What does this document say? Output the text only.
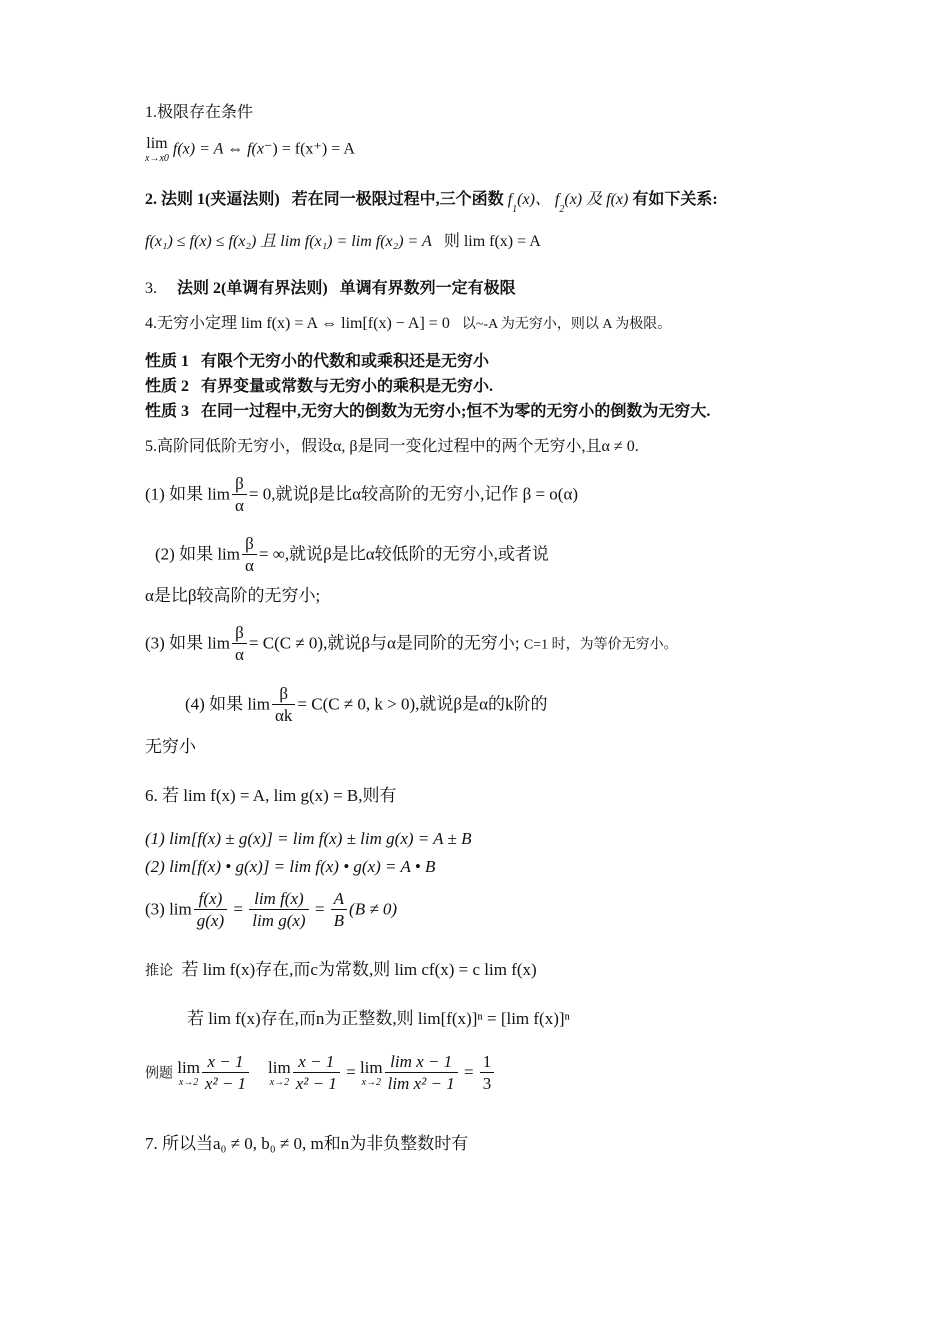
1.极限存在条件
lim
x→x0
f(x) = A ⇔ f(x⁻) = f(x⁺) = A
2. 法则 1(夹逼法则) 若在同一极限过程中,三个函数 $f_1(x)$、 $f_2(x)$ 及 f(x) 有如下关系:
f(x₁) ≤ f(x) ≤ f(x₂) 且 lim f(x₁) = lim f(x₂) = A 则 lim f(x) = A
3. 法则 2(单调有界法则) 单调有界数列一定有极限
4.无穷小定理 lim f(x) = A ⇔ lim[f(x) − A] = 0 以~-A 为无穷小，则以 A 为极限。
性质 1 有限个无穷小的代数和或乘积还是无穷小
性质 2 有界变量或常数与无穷小的乘积是无穷小.
性质 3 在同一过程中,无穷大的倒数为无穷小;恒不为零的无穷小的倒数为无穷大.
5.高阶同低阶无穷小，假设α, β是同一变化过程中的两个无穷小,且α ≠ 0.
(1) 如果 $\lim \frac{\beta}{\alpha} = 0$,就说β是比α较高阶的无穷小,记作 β = o(α)
(2) 如果 $\lim \frac{\beta}{\alpha}$ = ∞,就说β是比α较低阶的无穷小,或者说
α是比β较高阶的无穷小;
(3) 如果 $\lim \frac{\beta}{\alpha} = C(C \ne 0)$,就说β与α是同阶的无穷小; C=1 时，为等价无穷小。
(4) 如果 $\lim \frac{\beta}{\alpha k} = C(C \ne 0$, k > 0),就说β是α的k阶的
无穷小
6. 若 lim f(x) = A, lim g(x) = B,则有
(1) lim[f(x) ± g(x)] = lim f(x) ± lim g(x) = A ± B
(2) lim[f(x) • g(x)] = lim f(x) • g(x) = A • B
(3) $\lim \frac{f(x)}{g(x)} = \frac{\text{lim f(x)}}{\text{lim g(x)}} = \frac{A}{B} (B \ne 0)$
推论 若 lim f(x)存在,而c为常数,则 lim cf(x) = c lim f(x)
若 lim f(x)存在,而n为正整数,则 lim[f(x)]ⁿ = [lim f(x)]ⁿ
例题 lim
$x\to 2 \frac{x - 1}{\text{x² − 1}}$ lim
$x\to 2 \frac{x - 1}{\text{x² − 1}} = \lim$
$x\to 2 \frac{\text{lim x − 1}}{\text{lim x² − 1}} = \frac{1}{3}$
7. 所以当a₀ ≠ 0, b₀ ≠ 0, m和n为非负整数时有
